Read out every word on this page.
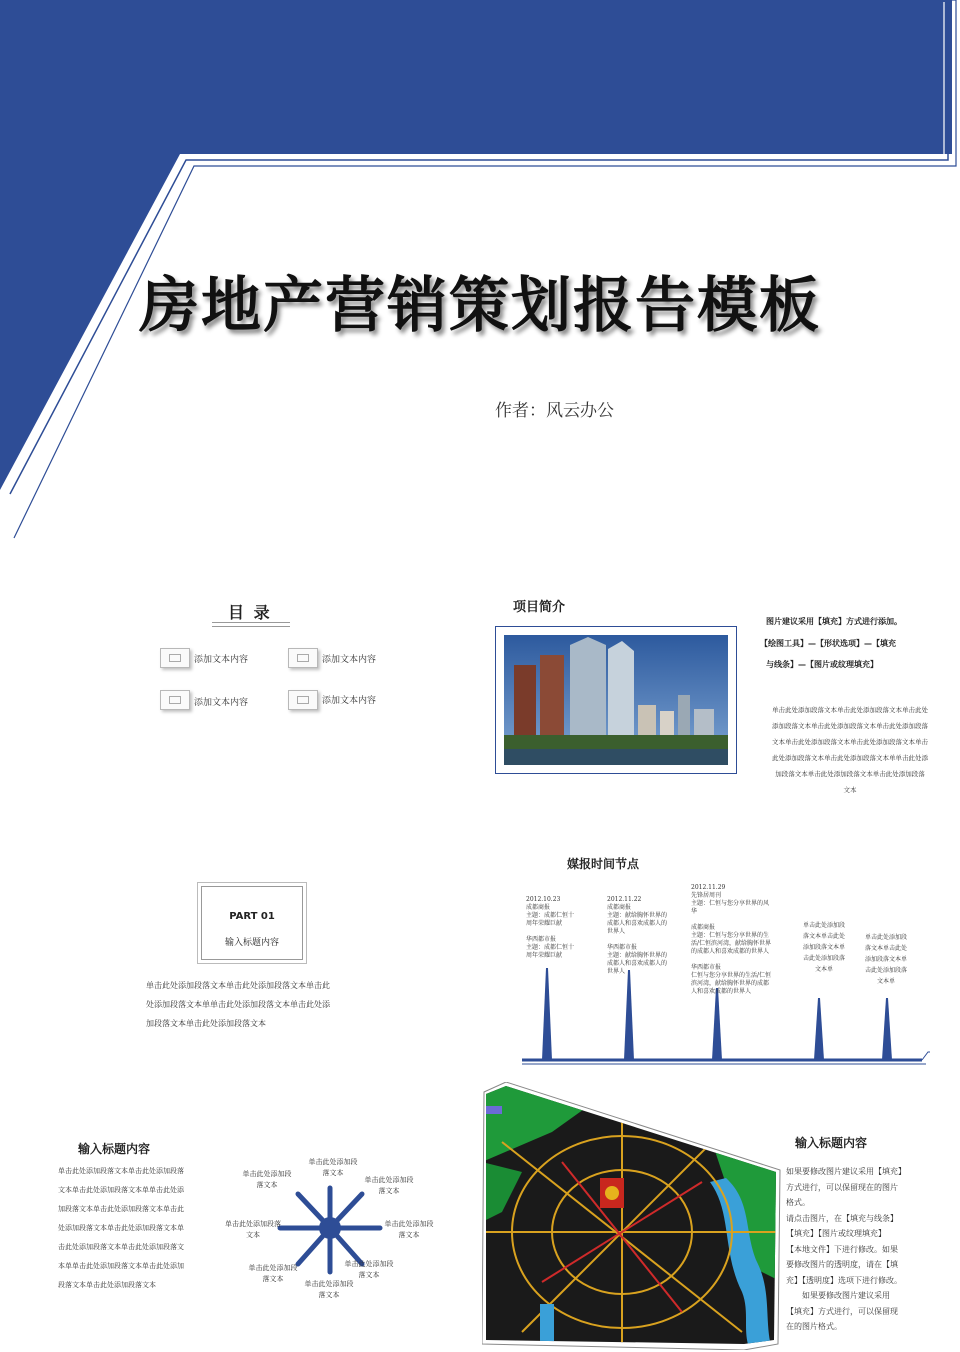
房地产营销策划报告模板
作者：风云办公
目 录
添加文本内容	添加文本内容
添加文本内容	添加文本内容
项目简介
图片建议采用【填充】方式进行添加。
【绘图工具】—【形状选项】—【填充
与线条】—【图片或纹理填充】
单击此处添加段落文本单击此处添加段落文本单击此处
添加段落文本单击此处添加段落文本单击此处添加段落
文本单击此处添加段落文本单击此处添加段落文本单击
此处添加段落文本单击此处添加段落文本单单击此处添
加段落文本单击此处添加段落文本单击此处添加段落
文本
PART 01
输入标题内容
单击此处添加段落文本单击此处添加段落文本单击此
处添加段落文本单单击此处添加段落文本单击此处添
加段落文本单击此处添加段落文本
媒报时间节点
2012.10.23
成都商报
主题：成都仁恒十
周年荣耀巨献
华西都市报
主题：成都仁恒十
周年荣耀巨献
2012.11.22
成都商报
主题：献给胸怀世界的
成都人和喜欢成都人的
世界人
华西都市报
主题：献给胸怀世界的
成都人和喜欢成都人的
世界人
2012.11.29
先锋居周刊
主题：仁恒与您分享世界的风
华
成都商报
主题：仁恒与您分享世界的生
活/仁恒滨河湾，献给胸怀世界
的成都人和喜欢成都的世界人
华西都市报
仁恒与您分享世界的生活/仁恒
滨河湾，献给胸怀世界的成都
人和喜欢成都的世界人
单击此处添加段
落文本单击此处
添加段落文本单
击此处添加段落
文本单
单击此处添加段
落文本单击此处
添加段落文本单
击此处添加段落
文本单
输入标题内容
单击此处添加段落文本单击此处添加段落
文本单击此处添加段落文本单单击此处添
加段落文本单击此处添加段落文本单击此
处添加段落文本单击此处添加段落文本单
击此处添加段落文本单击此处添加段落文
本单单击此处添加段落文本单击此处添加
段落文本单击此处添加段落文本
单击此处添加段
落文本
单击此处添加段
落文本
单击此处添加段
落文本
单击此处添加段
落文本
单击此处添加段
落文本
单击此处添加段
落文本
单击此处添加段落
文本
单击此处添加段
落文本
输入标题内容
如果要修改图片建议采用【填充】
方式进行，可以保留现在的图片
格式。
请点击图片，在【填充与线条】
【填充】【图片或纹理填充】
【本地文件】下进行修改。如果
要修改图片的透明度，请在【填
充】【透明度】选项下进行修改。
　　如果要修改图片建议采用
【填充】方式进行，可以保留现
在的图片格式。
